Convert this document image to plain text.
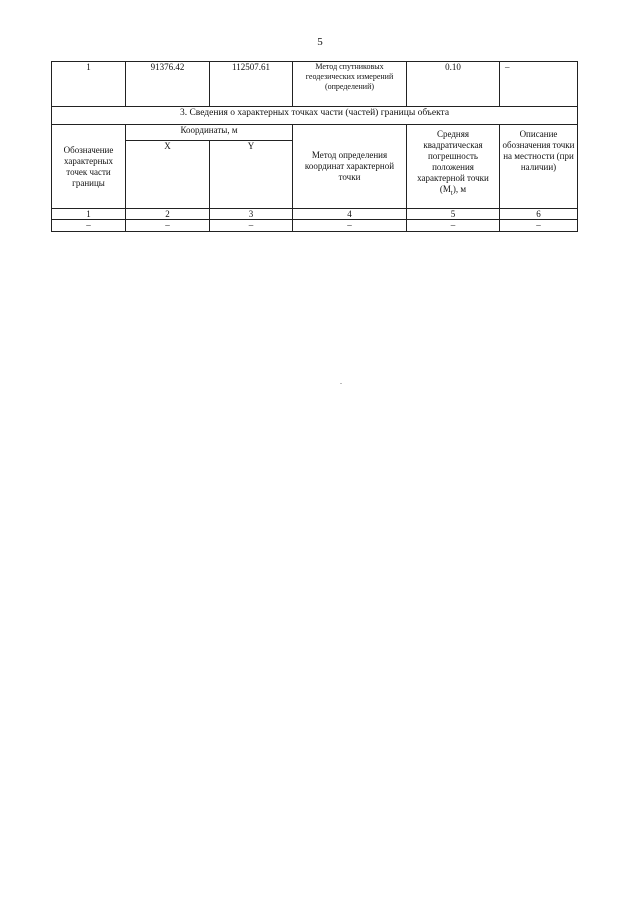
5
1	91376.42	112507.61	Метод спутниковых геодезических измерений (определений)	0.10	–
3. Сведения о характерных точках части (частей) границы объекта					
Обозначение характерных точек части границы	Координаты, м		Метод определения координат характерной точки	Средняя квадратическая погрешность положения характерной точки $(M_t)$, м	Описание обозначения точки на местности (при наличии)
	X	Y			
1	2	3	4	5	6
–	–	–	–	–	–
